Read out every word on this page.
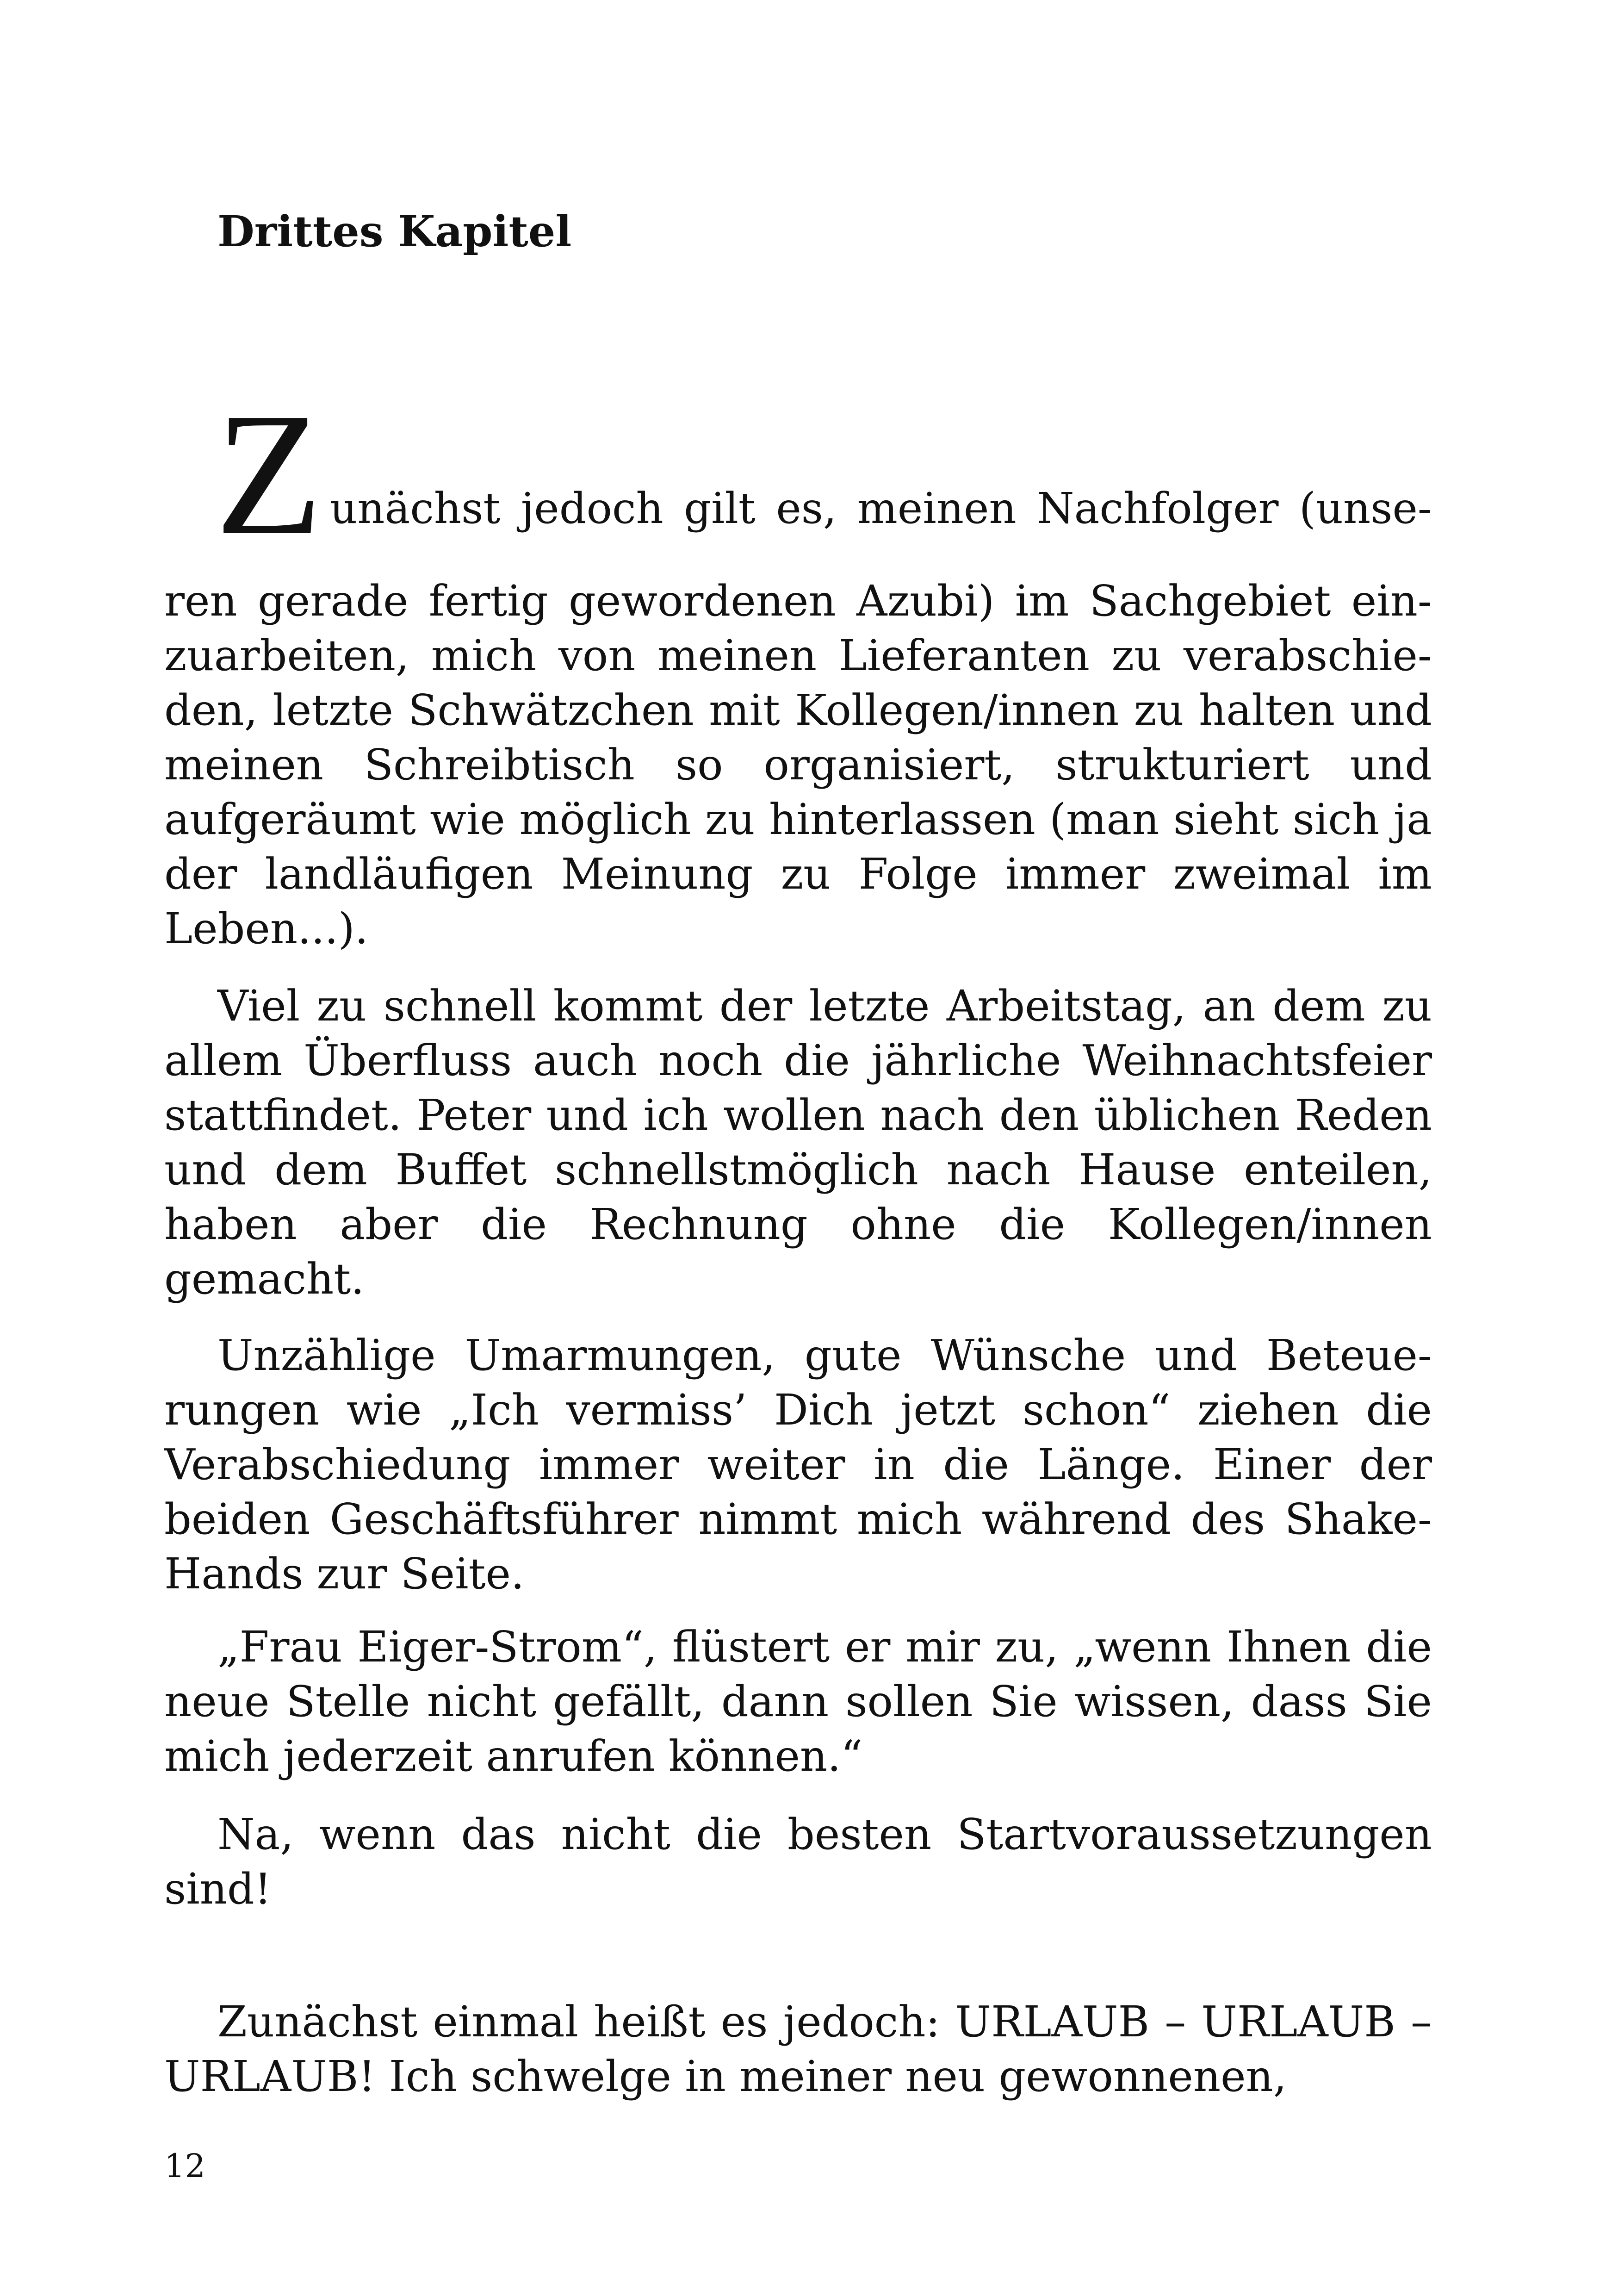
Drittes Kapitel
Z unächst jedoch gilt es, meinen Nachfolger (unse-

ren gerade fertig gewordenen Azubi) im Sachgebiet einzuarbeiten, mich von meinen Lieferanten zu verabschieden, letzte Schwätzchen mit Kollegen/innen zu halten und meinen Schreibtisch so organisiert, strukturiert und aufgeräumt wie möglich zu hinterlassen (man sieht sich ja der landläufigen Meinung zu Folge immer zweimal im Leben...).

Viel zu schnell kommt der letzte Arbeitstag, an dem zu allem Überfluss auch noch die jährliche Weihnachtsfeier stattfindet. Peter und ich wollen nach den üblichen Reden und dem Buffet schnellstmöglich nach Hause enteilen, haben aber die Rechnung ohne die Kollegen/innen gemacht.

Unzählige Umarmungen, gute Wünsche und Beteuerungen wie „Ich vermiss’ Dich jetzt schon“ ziehen die Verabschiedung immer weiter in die Länge. Einer der beiden Geschäftsführer nimmt mich während des Shake-Hands zur Seite.

„Frau Eiger-Strom“, flüstert er mir zu, „wenn Ihnen die neue Stelle nicht gefällt, dann sollen Sie wissen, dass Sie mich jederzeit anrufen können.“

Na, wenn das nicht die besten Startvoraussetzungen sind!

Zunächst einmal heißt es jedoch: URLAUB – URLAUB – URLAUB! Ich schwelge in meiner neu gewonnenen,

12
